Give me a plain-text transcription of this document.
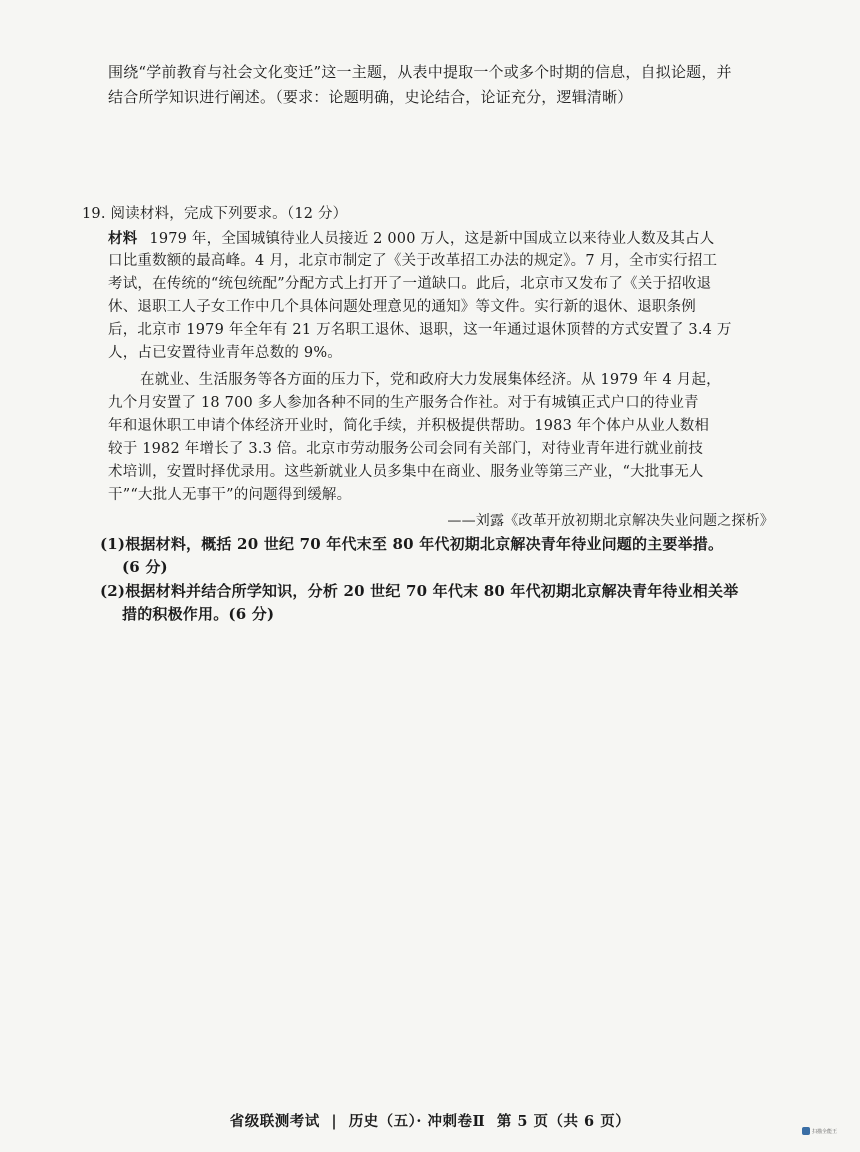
围绕“学前教育与社会文化变迁”这一主题，从表中提取一个或多个时期的信息，自拟论题，并
结合所学知识进行阐述。（要求：论题明确，史论结合，论证充分，逻辑清晰）
19. 阅读材料，完成下列要求。（12 分）
材料 1979 年，全国城镇待业人员接近 2 000 万人，这是新中国成立以来待业人数及其占人
口比重数额的最高峰。4 月，北京市制定了《关于改革招工办法的规定》。7 月，全市实行招工
考试，在传统的“统包统配”分配方式上打开了一道缺口。此后，北京市又发布了《关于招收退
休、退职工人子女工作中几个具体问题处理意见的通知》等文件。实行新的退休、退职条例
后，北京市 1979 年全年有 21 万名职工退休、退职，这一年通过退休顶替的方式安置了 3.4 万
人，占已安置待业青年总数的 9%。
在就业、生活服务等各方面的压力下，党和政府大力发展集体经济。从 1979 年 4 月起，
九个月安置了 18 700 多人参加各种不同的生产服务合作社。对于有城镇正式户口的待业青
年和退休职工申请个体经济开业时，简化手续，并积极提供帮助。1983 年个体户从业人数相
较于 1982 年增长了 3.3 倍。北京市劳动服务公司会同有关部门，对待业青年进行就业前技
术培训，安置时择优录用。这些新就业人员多集中在商业、服务业等第三产业，“大批事无人
干”“大批人无事干”的问题得到缓解。
——刘露《改革开放初期北京解决失业问题之探析》
(1)根据材料，概括 20 世纪 70 年代末至 80 年代初期北京解决青年待业问题的主要举措。
(6 分)
(2)根据材料并结合所学知识，分析 20 世纪 70 年代末 80 年代初期北京解决青年待业相关举
措的积极作用。(6 分)
省级联测考试 | 历史（五）· 冲刺卷Ⅱ 第 5 页（共 6 页）
扫描全能王
